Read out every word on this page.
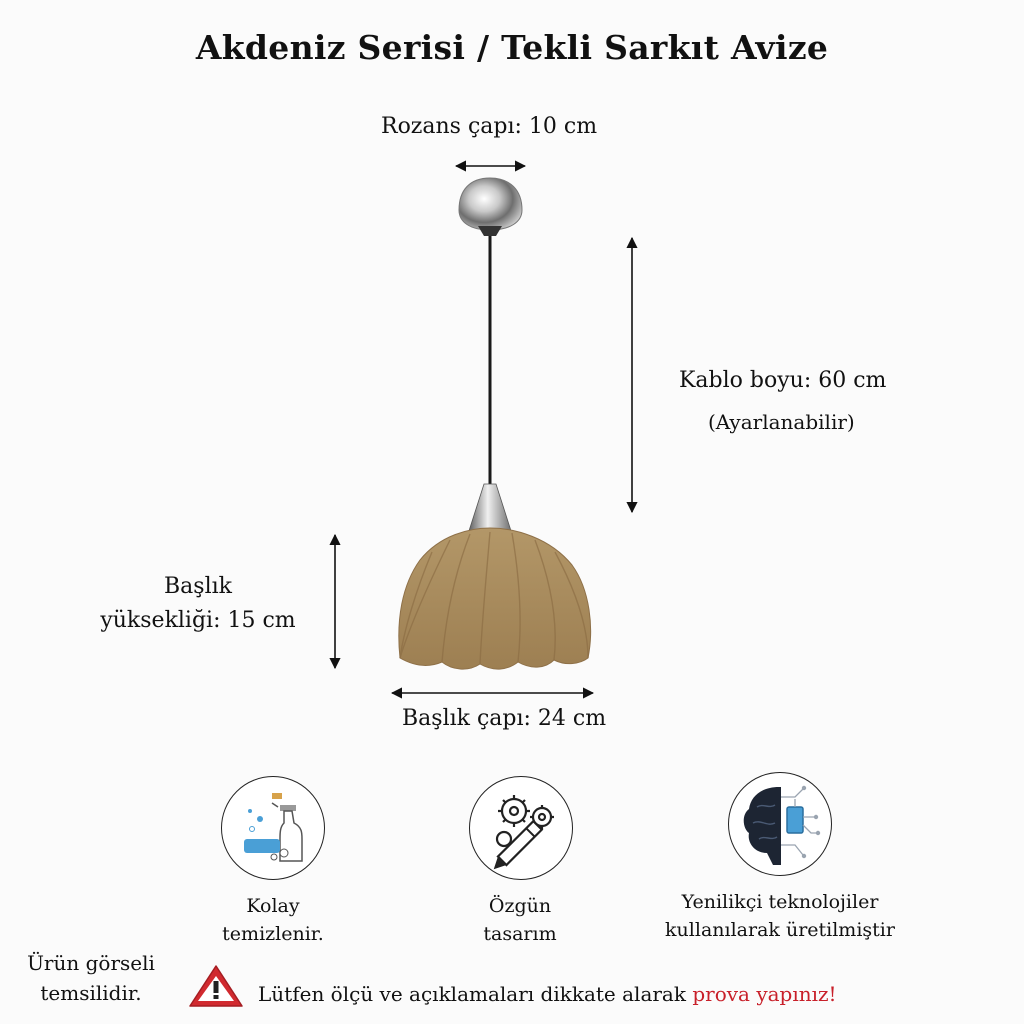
Akdeniz Serisi / Tekli Sarkıt Avize
Rozans çapı: 10 cm
Kablo boyu: 60 cm
(Ayarlanabilir)
Başlık
yüksekliği: 15 cm
Başlık çapı: 24 cm
Kolay
temizlenir.
Özgün
tasarım
Yenilikçi teknolojiler
kullanılarak üretilmiştir
Ürün görseli
temsilidir.	Lütfen ölçü ve açıklamaları dikkate alarak prova yapınız!
